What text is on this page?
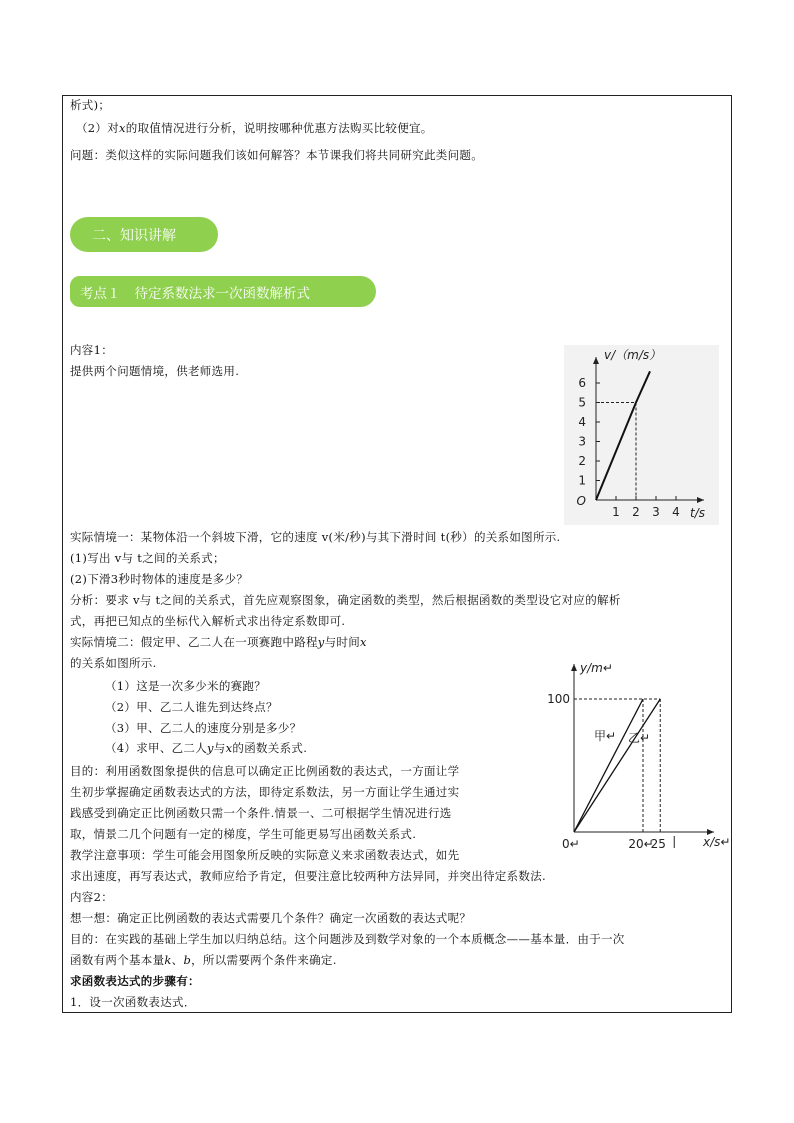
析式)；
（2）对𝑥的取值情况进行分析，说明按哪种优惠方法购买比较便宜。
问题：类似这样的实际问题我们该如何解答？本节课我们将共同研究此类问题。
二、知识讲解
考点１ 待定系数法求一次函数解析式
内容1：
提供两个问题情境，供老师选用.
1 2 3 4
1
2
3
4
5
6
O
t/s
v/（m/s）
实际情境一：某物体沿一个斜坡下滑，它的速度 v(米/秒)与其下滑时间 t(秒）的关系如图所示.
(1)写出 v与 t之间的关系式；
(2)下滑3秒时物体的速度是多少？
分析：要求 v与 t之间的关系式，首先应观察图象，确定函数的类型，然后根据函数的类型设它对应的解析
式，再把已知点的坐标代入解析式求出待定系数即可.
实际情境二：假定甲、乙二人在一项赛跑中路程𝑦与时间𝑥
的关系如图所示.
（1）这是一次多少米的赛跑？
（2）甲、乙二人谁先到达终点？
（3）甲、乙二人的速度分别是多少？
（4）求甲、乙二人𝑦与𝑥的函数关系式.
100
20↵
25
甲↵ 乙↵
y/m↵
x/s↵
0↵
目的：利用函数图象提供的信息可以确定正比例函数的表达式，一方面让学
生初步掌握确定函数表达式的方法，即待定系数法，另一方面让学生通过实
践感受到确定正比例函数只需一个条件.情景一、二可根据学生情况进行选
取，情景二几个问题有一定的梯度，学生可能更易写出函数关系式.
教学注意事项：学生可能会用图象所反映的实际意义来求函数表达式，如先
求出速度，再写表达式，教师应给予肯定，但要注意比较两种方法异同，并突出待定系数法.
内容2：
想一想：确定正比例函数的表达式需要几个条件？确定一次函数的表达式呢？
目的：在实践的基础上学生加以归纳总结。这个问题涉及到数学对象的一个本质概念——基本量．由于一次
函数有两个基本量𝑘、𝑏，所以需要两个条件来确定.
求函数表达式的步骤有：
1．设一次函数表达式．
